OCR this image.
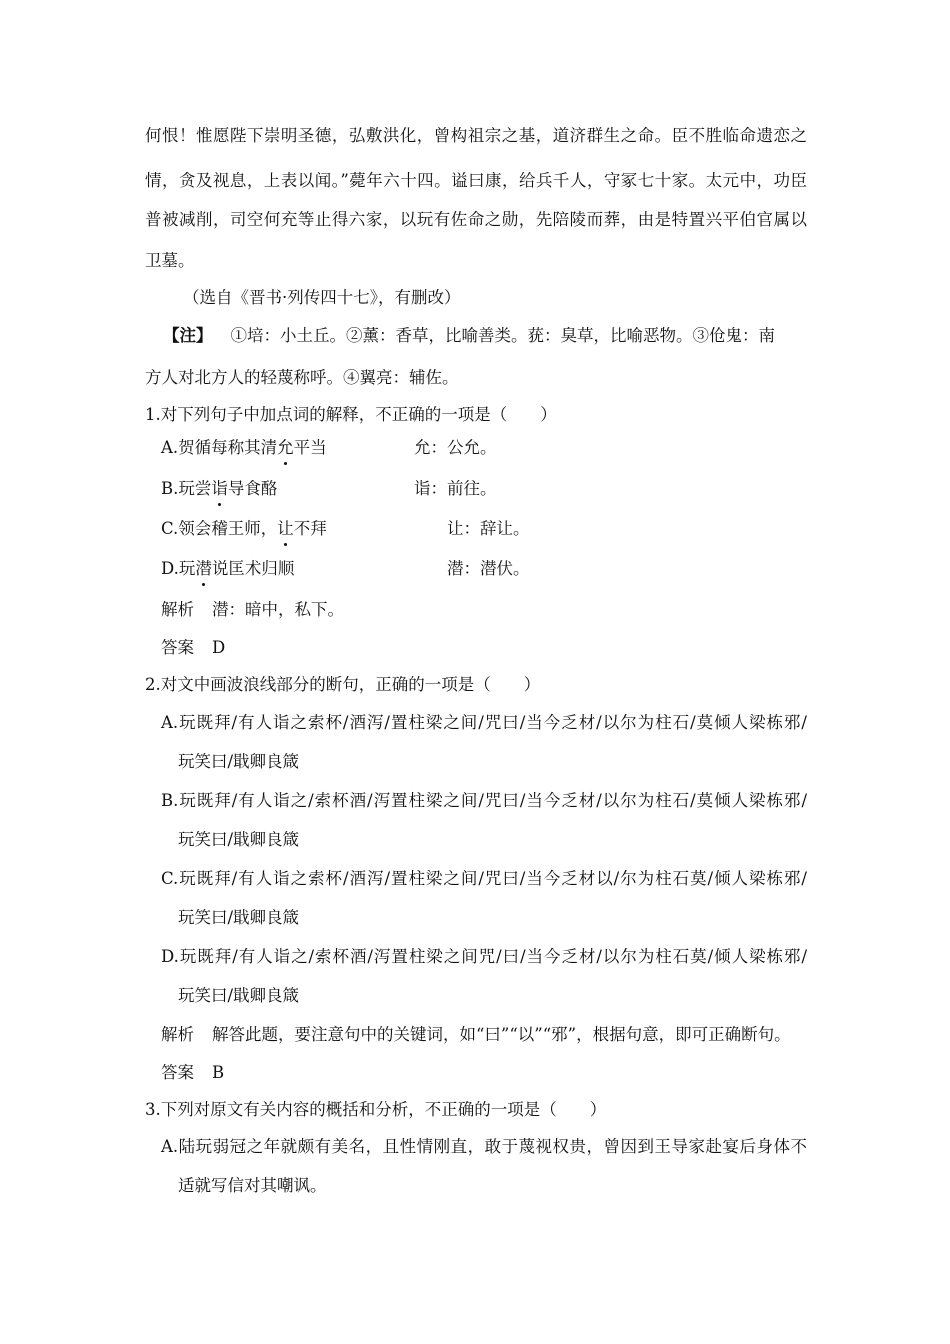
何恨！惟愿陛下崇明圣德，弘敷洪化，曾构祖宗之基，道济群生之命。臣不胜临命遗恋之
情，贪及视息，上表以闻。”薨年六十四。谥曰康，给兵千人，守冢七十家。太元中，功臣
普被减削，司空何充等止得六家，以玩有佐命之勋，先陪陵而葬，由是特置兴平伯官属以
卫墓。
（选自《晋书·列传四十七》，有删改）
【注】 ①培：小土丘。②薰：香草，比喻善类。莸：臭草，比喻恶物。③伧鬼：南
方人对北方人的轻蔑称呼。④翼亮：辅佐。
1.对下列句子中加点词的解释，不正确的一项是（　　）
A.贺循每称其清允平当	允：公允。
B.玩尝诣导食酪	诣：前往。
C.领会稽王师，让不拜	让：辞让。
D.玩潜说匡术归顺	潜：潜伏。
解析 潜：暗中，私下。
答案 D
2.对文中画波浪线部分的断句，正确的一项是（　　）
A.玩既拜/有人诣之索杯/酒泻/置柱梁之间/咒曰/当今乏材/以尔为柱石/莫倾人梁栋邪/
玩笑曰/戢卿良箴
B.玩既拜/有人诣之/索杯酒/泻置柱梁之间/咒曰/当今乏材/以尔为柱石/莫倾人梁栋邪/
玩笑曰/戢卿良箴
C.玩既拜/有人诣之索杯/酒泻/置柱梁之间/咒曰/当今乏材以/尔为柱石莫/倾人梁栋邪/
玩笑曰/戢卿良箴
D.玩既拜/有人诣之/索杯酒/泻置柱梁之间咒/曰/当今乏材/以尔为柱石莫/倾人梁栋邪/
玩笑曰/戢卿良箴
解析 解答此题，要注意句中的关键词，如“曰”“以”“邪”，根据句意，即可正确断句。
答案 B
3.下列对原文有关内容的概括和分析，不正确的一项是（　　）
A.陆玩弱冠之年就颇有美名，且性情刚直，敢于蔑视权贵，曾因到王导家赴宴后身体不
适就写信对其嘲讽。
